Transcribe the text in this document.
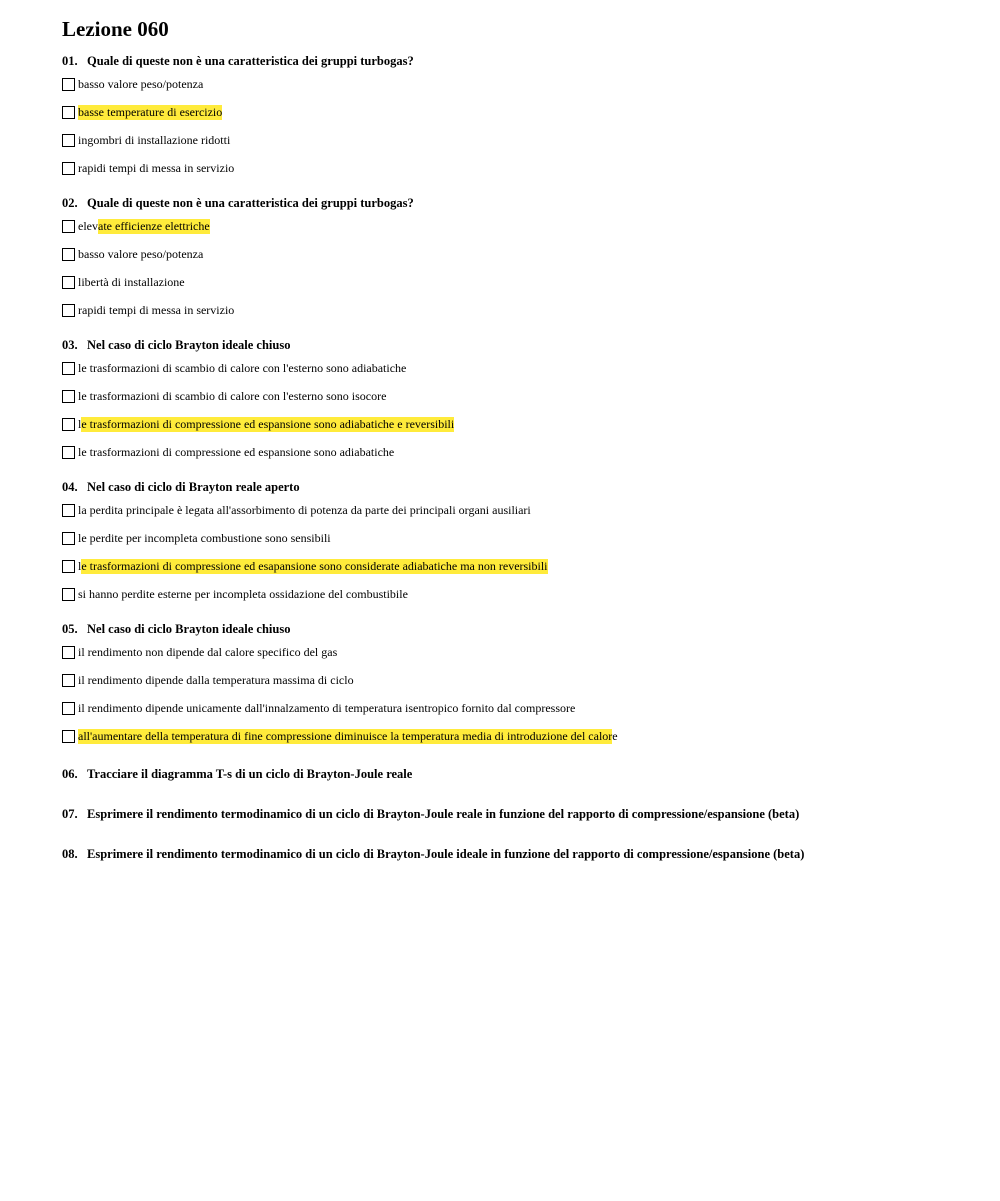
Lezione 060
01. Quale di queste non è una caratteristica dei gruppi turbogas?
basso valore peso/potenza
basse temperature di esercizio
ingombri di installazione ridotti
rapidi tempi di messa in servizio
02. Quale di queste non è una caratteristica dei gruppi turbogas?
elev ate efficienze elettriche
basso valore peso/potenza
libertà di installazione
rapidi tempi di messa in servizio
03. Nel caso di ciclo Brayton ideale chiuso
le trasformazioni di scambio di calore con l'esterno sono adiabatiche
le trasformazioni di scambio di calore con l'esterno sono isocore
l e trasformazioni di compressione ed espansione sono adiabatiche e reversibili
le trasformazioni di compressione ed espansione sono adiabatiche
04. Nel caso di ciclo di Brayton reale aperto
la perdita principale è legata all'assorbimento di potenza da parte dei principali organi ausiliari
le perdite per incompleta combustione sono sensibili
l e trasformazioni di compressione ed esapansione sono considerate adiabatiche ma non reversibili
si hanno perdite esterne per incompleta ossidazione del combustibile
05. Nel caso di ciclo Brayton ideale chiuso
il rendimento non dipende dal calore specifico del gas
il rendimento dipende dalla temperatura massima di ciclo
il rendimento dipende unicamente dall'innalzamento di temperatura isentropico fornito dal compressore
all'aumentare della temperatura di fine compressione diminuisce la temperatura media di introduzione del calor e
06. Tracciare il diagramma T-s di un ciclo di Brayton-Joule reale
07. Esprimere il rendimento termodinamico di un ciclo di Brayton-Joule reale in funzione del rapporto di compressione/espansione (beta)
08. Esprimere il rendimento termodinamico di un ciclo di Brayton-Joule ideale in funzione del rapporto di compressione/espansione (beta)
